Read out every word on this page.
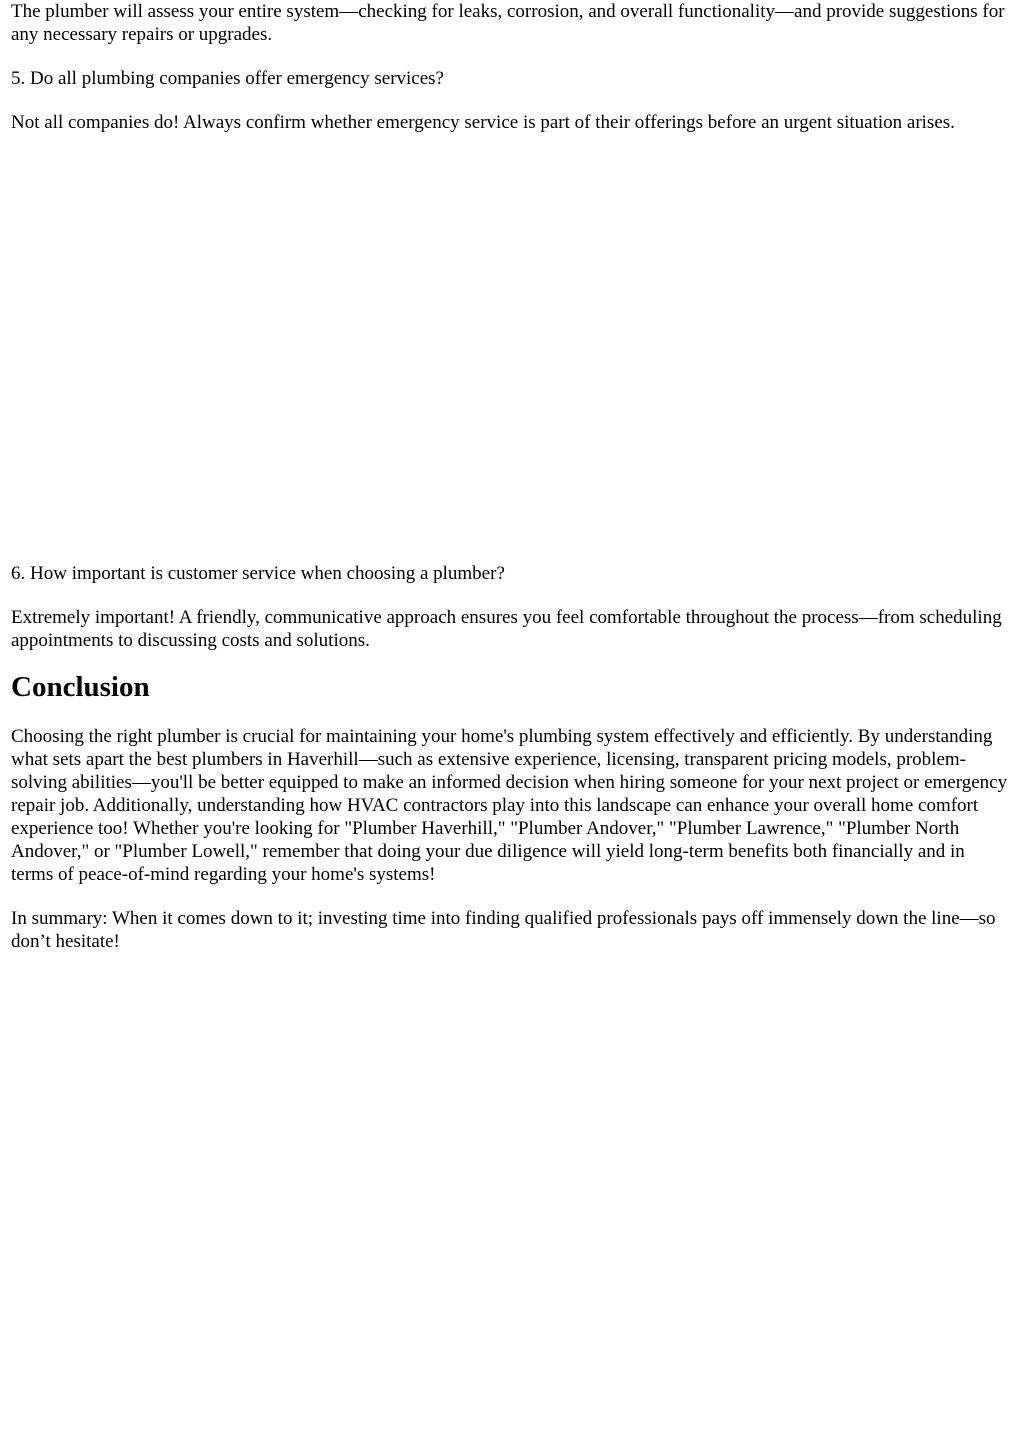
The plumber will assess your entire system—checking for leaks, corrosion, and overall functionality—and provide suggestions for any necessary repairs or upgrades.

5. Do all plumbing companies offer emergency services?

Not all companies do! Always confirm whether emergency service is part of their offerings before an urgent situation arises.

6. How important is customer service when choosing a plumber?

Extremely important! A friendly, communicative approach ensures you feel comfortable throughout the process—from scheduling appointments to discussing costs and solutions.

Conclusion

Choosing the right plumber is crucial for maintaining your home's plumbing system effectively and efficiently. By understanding what sets apart the best plumbers in Haverhill—such as extensive experience, licensing, transparent pricing models, problem-solving abilities—you'll be better equipped to make an informed decision when hiring someone for your next project or emergency repair job. Additionally, understanding how HVAC contractors play into this landscape can enhance your overall home comfort experience too! Whether you're looking for "Plumber Haverhill," "Plumber Andover," "Plumber Lawrence," "Plumber North Andover," or "Plumber Lowell," remember that doing your due diligence will yield long-term benefits both financially and in terms of peace-of-mind regarding your home's systems!

In summary: When it comes down to it; investing time into finding qualified professionals pays off immensely down the line—so don’t hesitate!
